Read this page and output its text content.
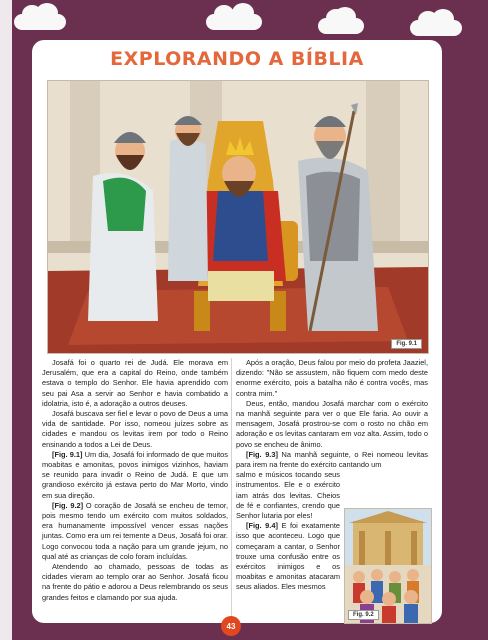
EXPLORANDO A BÍBLIA
Fig. 9.1

Josafá foi o quarto rei de Judá. Ele morava em Jerusalém, que era a capital do Reino, onde também estava o templo do Senhor. Ele havia aprendido com seu pai Asa a servir ao Senhor e havia combatido a idolatria, isto é, a adoração a outros deuses.

Josafá buscava ser fiel e levar o povo de Deus a uma vida de santidade. Por isso, nomeou juízes sobre as cidades e mandou os levitas irem por todo o Reino ensinando a todos a Lei de Deus.

[Fig. 9.1] Um dia, Josafá foi informado de que muitos moabitas e amonitas, povos inimigos vizinhos, haviam se reunido para invadir o Reino de Judá. E que um grandioso exército já estava perto do Mar Morto, vindo em sua direção.

[Fig. 9.2] O coração de Josafá se encheu de temor, pois mesmo tendo um exército com muitos soldados, era humanamente impossível vencer essas nações juntas. Como era um rei temente a Deus, Josafá foi orar. Logo convocou toda a nação para um grande jejum, no qual até as crianças de colo foram incluídas.

Atendendo ao chamado, pessoas de todas as cidades vieram ao templo orar ao Senhor. Josafá ficou na frente do pátio e adorou a Deus relembrando os seus grandes feitos e clamando por sua ajuda.

Após a oração, Deus falou por meio do profeta Jaaziel, dizendo: "Não se assustem, não fiquem com medo deste enorme exército, pois a batalha não é contra vocês, mas contra mim."

Deus, então, mandou Josafá marchar com o exército na manhã seguinte para ver o que Ele faria. Ao ouvir a mensagem, Josafá prostrou-se com o rosto no chão em adoração e os levitas cantaram em voz alta. Assim, todo o povo se encheu de ânimo.

[Fig. 9.3] Na manhã seguinte, o Rei nomeou levitas para irem na frente do exército cantando um

salmo e músicos tocando seus instrumentos. Ele e o exército iam atrás dos levitas. Cheios de fé e confiantes, crendo que Senhor lutaria por eles!

[Fig. 9.4] E foi exatamente isso que aconteceu. Logo que começaram a cantar, o Senhor trouxe uma confusão entre os exércitos inimigos e os moabitas e amonitas atacaram seus aliados. Eles mesmos

Fig. 9.2
43
